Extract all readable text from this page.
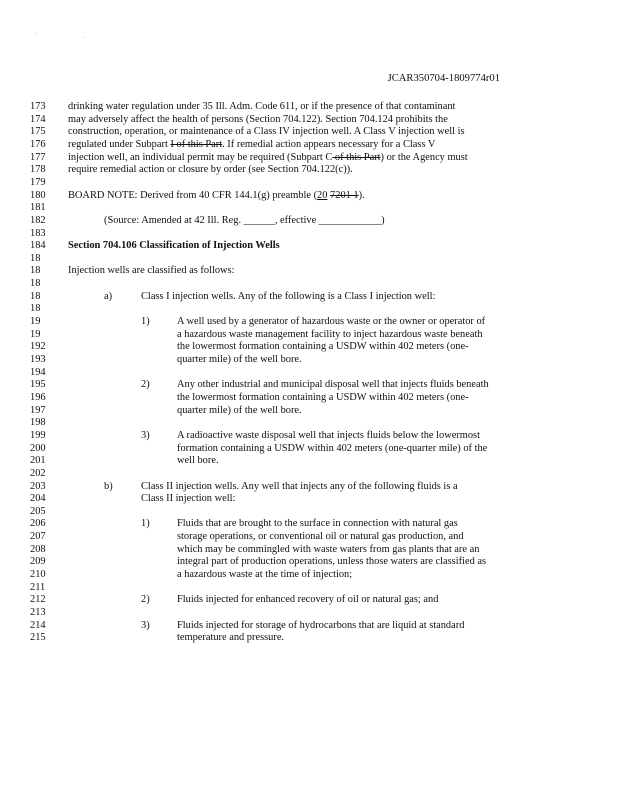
` .
JCAR350704-1809774r01
173	drinking water regulation under 35 Ill. Adm. Code 611, or if the presence of that contaminant
174	may adversely affect the health of persons (Section 704.122). Section 704.124 prohibits the
175	construction, operation, or maintenance of a Class IV injection well. A Class V injection well is
176	regulated under Subpart I of this Part. If remedial action appears necessary for a Class V
177	injection well, an individual permit may be required (Subpart C of this Part) or the Agency must
178	require remedial action or closure by order (see Section 704.122(c)).
179
180	BOARD NOTE: Derived from 40 CFR 144.1(g) preamble (20 7201 1).
181
182	(Source: Amended at 42 Ill. Reg. ______, effective ____________)
183
184	Section 704.106 Classification of Injection Wells
18
18	Injection wells are classified as follows:
18
18	a)	Class I injection wells. Any of the following is a Class I injection well:
18
19	1)	A well used by a generator of hazardous waste or the owner or operator of
19	a hazardous waste management facility to inject hazardous waste beneath
192	the lowermost formation containing a USDW within 402 meters (one-
193	quarter mile) of the well bore.
194
195	2)	Any other industrial and municipal disposal well that injects fluids beneath
196	the lowermost formation containing a USDW within 402 meters (one-
197	quarter mile) of the well bore.
198
199	3)	A radioactive waste disposal well that injects fluids below the lowermost
200	formation containing a USDW within 402 meters (one-quarter mile) of the
201	well bore.
202
203	b)	Class II injection wells. Any well that injects any of the following fluids is a
204	Class II injection well:
205
206	1)	Fluids that are brought to the surface in connection with natural gas
207	storage operations, or conventional oil or natural gas production, and
208	which may be commingled with waste waters from gas plants that are an
209	integral part of production operations, unless those waters are classified as
210	a hazardous waste at the time of injection;
211
212	2)	Fluids injected for enhanced recovery of oil or natural gas; and
213
214	3)	Fluids injected for storage of hydrocarbons that are liquid at standard
215	temperature and pressure.
